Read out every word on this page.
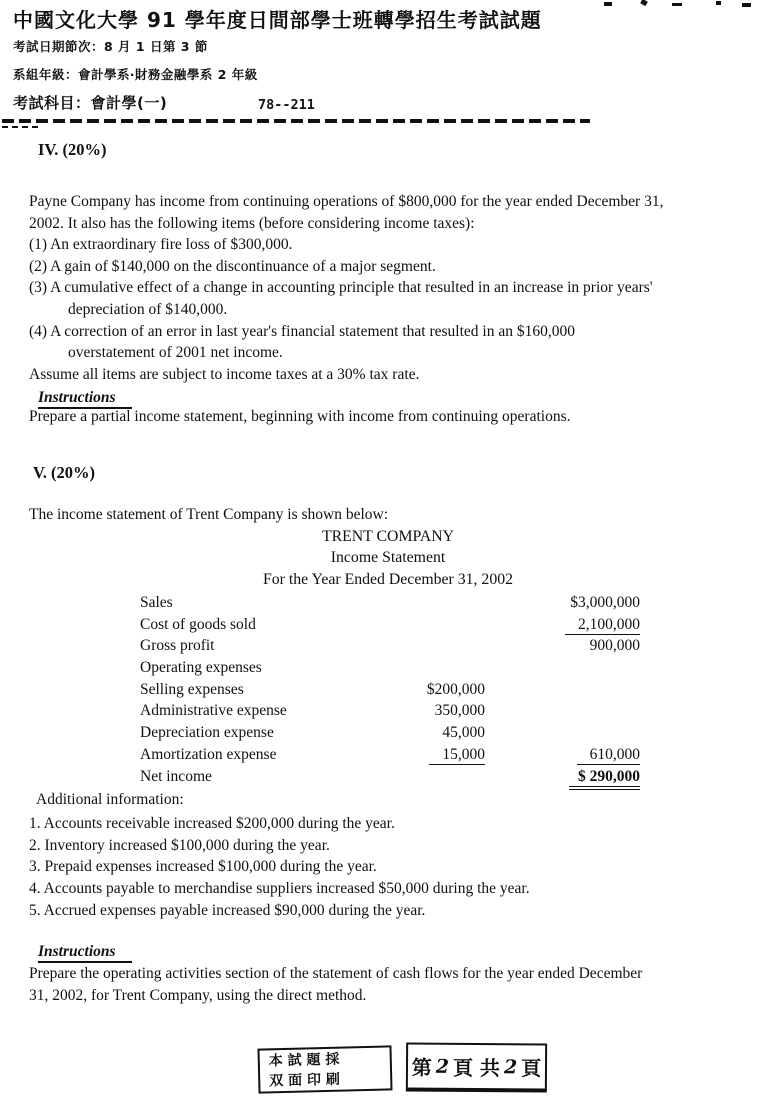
中國文化大學 91 學年度日間部學士班轉學招生考試試題
考試日期節次：8 月 1 日第 3 節
系組年級：會計學系‧財務金融學系 2 年級
考試科目：會計學(一)	78--211
IV. (20%)
Payne Company has income from continuing operations of $800,000 for the year ended December 31,
2002. It also has the following items (before considering income taxes):
(1) An extraordinary fire loss of $300,000.
(2) A gain of $140,000 on the discontinuance of a major segment.
(3) A cumulative effect of a change in accounting principle that resulted in an increase in prior years'
depreciation of $140,000.
(4) A correction of an error in last year's financial statement that resulted in an $160,000
overstatement of 2001 net income.
Assume all items are subject to income taxes at a 30% tax rate.
Instructions
Prepare a partial income statement, beginning with income from continuing operations.
V. (20%)
The income statement of Trent Company is shown below:
TRENT COMPANY
Income Statement
For the Year Ended December 31, 2002
Sales	$3,000,000
Cost of goods sold	2,100,000
Gross profit	900,000
Operating expenses
Selling expenses	$200,000
Administrative expense	350,000
Depreciation expense	45,000
Amortization expense	15,000	610,000
Net income	$ 290,000
Additional information:
1. Accounts receivable increased $200,000 during the year.
2. Inventory increased $100,000 during the year.
3. Prepaid expenses increased $100,000 during the year.
4. Accounts payable to merchandise suppliers increased $50,000 during the year.
5. Accrued expenses payable increased $90,000 during the year.
Instructions
Prepare the operating activities section of the statement of cash flows for the year ended December
31, 2002, for Trent Company, using the direct method.
本 試 題 採
双 面 印 刷
第 2 頁 共 2 頁
